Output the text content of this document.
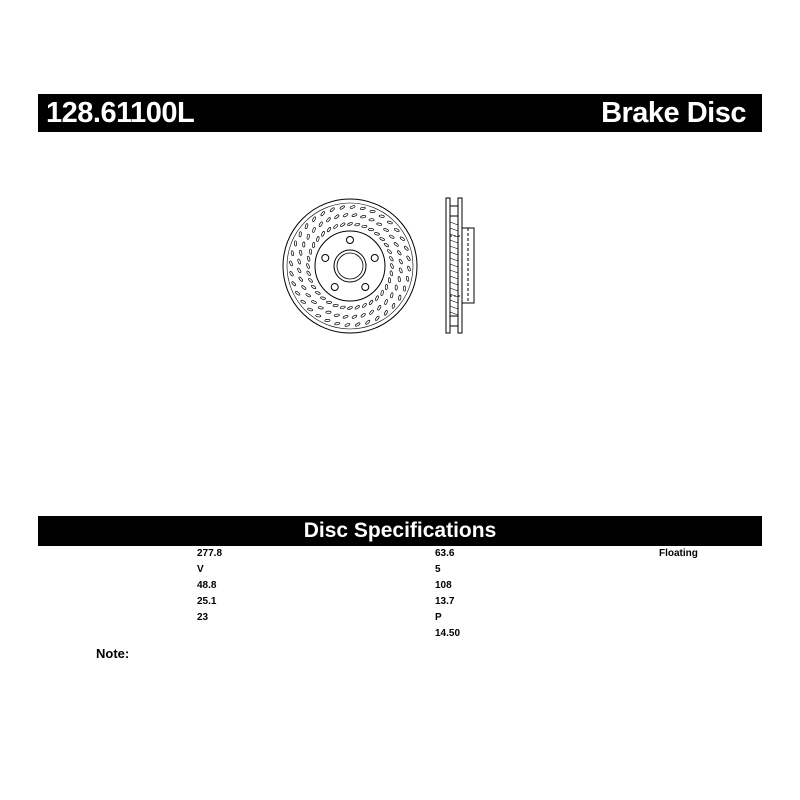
128.61100L	Brake Disc
Disc Specifications
277.8
V
48.8
25.1
23
63.6
5
108
13.7
P
14.50
Floating
Note:
